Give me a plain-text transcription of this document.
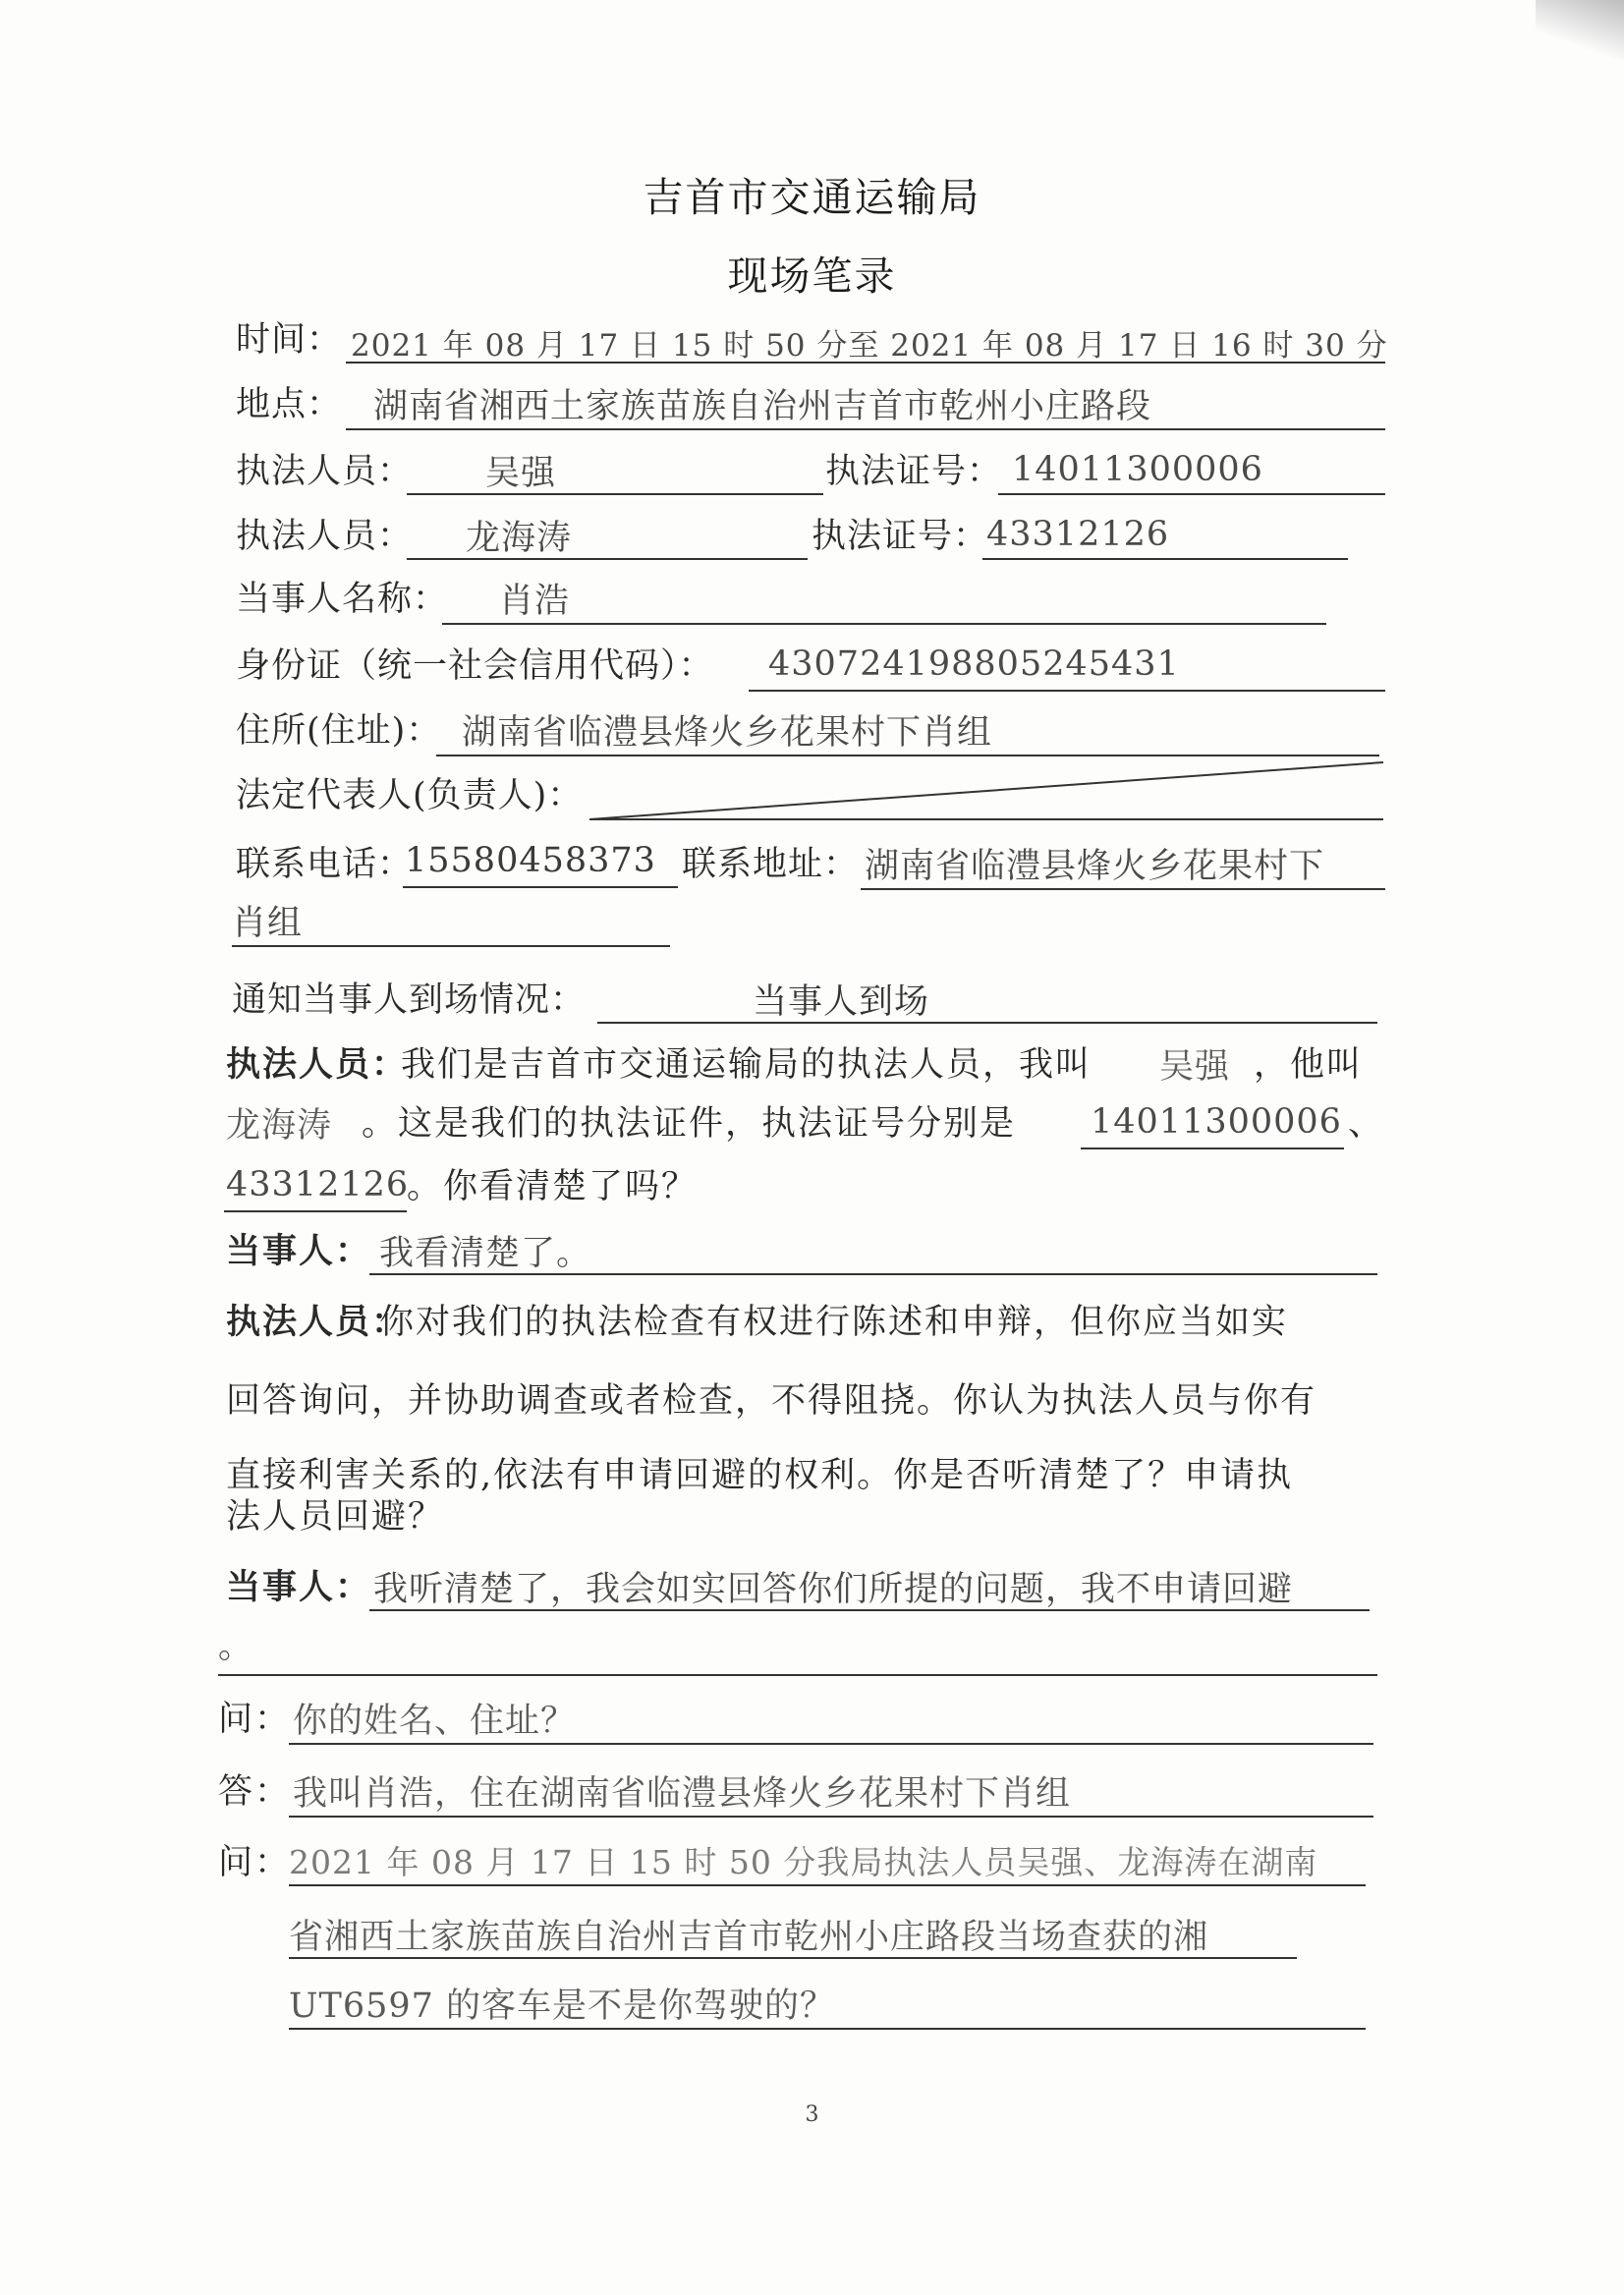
吉首市交通运输局
现场笔录
时间： 2021 年 08 月 17 日 15 时 50 分至 2021 年 08 月 17 日 16 时 30 分
地点： 湖南省湘西土家族苗族自治州吉首市乾州小庄路段
执法人员： 吴强	执法证号： 14011300006
执法人员： 龙海涛	执法证号：
43312126
当事人名称： 肖浩
身份证（统一社会信用代码）： 430724198805245431
住所(住址)： 湖南省临澧县烽火乡花果村下肖组
法定代表人(负责人)：
联系电话：
15580458373 联系地址： 湖南省临澧县烽火乡花果村下
肖组
通知当事人到场情况：	当事人到场
执法人员：
我们是吉首市交通运输局的执法人员，我叫 吴强 ，他叫
龙海涛 。这是我们的执法证件，执法证号分别是 14011300006 、
43312126
。你看清楚了吗？
当事人： 我看清楚了。
执法人员：
你对我们的执法检查有权进行陈述和申辩，但你应当如实
回答询问，并协助调查或者检查，不得阻挠。你认为执法人员与你有
直接利害关系的,依法有申请回避的权利。你是否听清楚了？申请执
法人员回避？
当事人： 我听清楚了，我会如实回答你们所提的问题，我不申请回避
。
问： 你的姓名、住址？
答： 我叫肖浩，住在湖南省临澧县烽火乡花果村下肖组
问：
2021 年 08 月 17 日 15 时 50 分我局执法人员吴强、龙海涛在湖南
省湘西土家族苗族自治州吉首市乾州小庄路段当场查获的湘
UT6597 的客车是不是你驾驶的？
3
